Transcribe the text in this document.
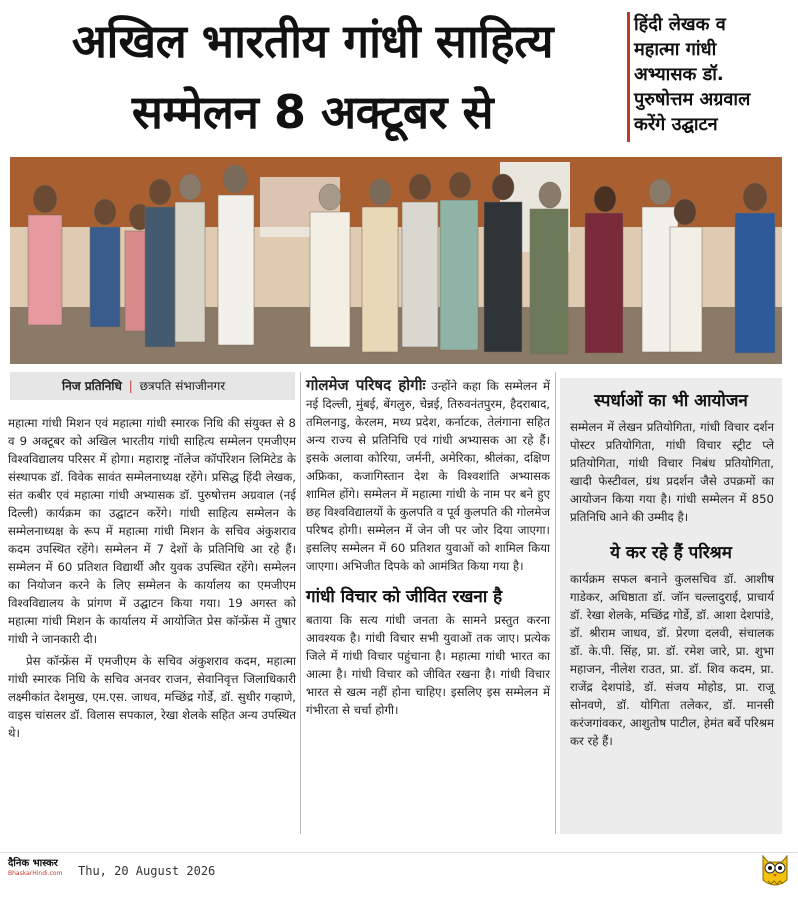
अखिल भारतीय गांधी साहित्य
सम्मेलन 8 अक्टूबर से
हिंदी लेखक व
महात्मा गांधी
अभ्यासक डॉ.
पुरुषोत्तम अग्रवाल
करेंगे उद्घाटन
निज प्रतिनिधि | छत्रपति संभाजीनगर

महात्मा गांधी मिशन एवं महात्मा गांधी स्मारक निधि की संयुक्त से 8 व 9 अक्टूबर को अखिल भारतीय गांधी साहित्य सम्मेलन एमजीएम विश्वविद्यालय परिसर में होगा। महाराष्ट्र नॉलेज कॉर्पोरेशन लिमिटेड के संस्थापक डॉ. विवेक सावंत सम्मेलनाध्यक्ष रहेंगे। प्रसिद्ध हिंदी लेखक, संत कबीर एवं महात्मा गांधी अभ्यासक डॉ. पुरुषोत्तम अग्रवाल (नई दिल्ली) कार्यक्रम का उद्घाटन करेंगे। गांधी साहित्य सम्मेलन के सम्मेलनाध्यक्ष के रूप में महात्मा गांधी मिशन के सचिव अंकुशराव कदम उपस्थित रहेंगे। सम्मेलन में 7 देशों के प्रतिनिधि आ रहे हैं। सम्मेलन में 60 प्रतिशत विद्यार्थी और युवक उपस्थित रहेंगे। सम्मेलन का नियोजन करने के लिए सम्मेलन के कार्यालय का एमजीएम विश्वविद्यालय के प्रांगण में उद्घाटन किया गया। 19 अगस्त को महात्मा गांधी मिशन के कार्यालय में आयोजित प्रेस कॉन्फ्रेंस में तुषार गांधी ने जानकारी दी।

प्रेस कॉन्फ्रेंस में एमजीएम के सचिव अंकुशराव कदम, महात्मा गांधी स्मारक निधि के सचिव अनवर राजन, सेवानिवृत्त जिलाधिकारी लक्ष्मीकांत देशमुख, एम.एस. जाधव, मच्छिंद्र गोर्डे, डॉ. सुधीर गव्हाणे, वाइस चांसलर डॉ. विलास सपकाल, रेखा शेलके सहित अन्य उपस्थित थे।

गोलमेज परिषद होगीः उन्होंने कहा कि सम्मेलन में नई दिल्ली, मुंबई, बेंगलुरु, चेन्नई, तिरुवनंतपुरम, हैदराबाद, तमिलनाडु, केरलम, मध्य प्रदेश, कर्नाटक, तेलंगाना सहित अन्य राज्य से प्रतिनिधि एवं गांधी अभ्यासक आ रहे हैं। इसके अलावा कोरिया, जर्मनी, अमेरिका, श्रीलंका, दक्षिण अफ्रिका, कजागिस्तान देश के विश्वशांति अभ्यासक शामिल होंगे। सम्मेलन में महात्मा गांधी के नाम पर बने हुए छह विश्वविद्यालयों के कुलपति व पूर्व कुलपति की गोलमेज परिषद होगी। सम्मेलन में जेन जी पर जोर दिया जाएगा। इसलिए सम्मेलन में 60 प्रतिशत युवाओं को शामिल किया जाएगा। अभिजीत दिपके को आमंत्रित किया गया है।

गांधी विचार को जीवित रखना है

बताया कि सत्य गांधी जनता के सामने प्रस्तुत करना आवश्यक है। गांधी विचार सभी युवाओं तक जाए। प्रत्येक जिले में गांधी विचार पहुंचाना है। महात्मा गांधी भारत का आत्मा है। गांधी विचार को जीवित रखना है। गांधी विचार भारत से खत्म नहीं होना चाहिए। इसलिए इस सम्मेलन में गंभीरता से चर्चा होगी।

स्पर्धाओं का भी आयोजन

सम्मेलन में लेखन प्रतियोगिता, गांधी विचार दर्शन पोस्टर प्रतियोगिता, गांधी विचार स्ट्रीट प्ले प्रतियोगिता, गांधी विचार निबंध प्रतियोगिता, खादी फेस्टीवल, ग्रंथ प्रदर्शन जैसे उपक्रमों का आयोजन किया गया है। गांधी सम्मेलन में 850 प्रतिनिधि आने की उम्मीद है।

ये कर रहे हैं परिश्रम

कार्यक्रम सफल बनाने कुलसचिव डॉ. आशीष गाडेकर, अधिष्ठाता डॉ. जॉन चल्लादुराई, प्राचार्य डॉ. रेखा शेलके, मच्छिंद्र गोर्डे, डॉ. आशा देशपांडे, डॉ. श्रीराम जाधव, डॉ. प्रेरणा दलवी, संचालक डॉ. के.पी. सिंह, प्रा. डॉ. रमेश जारे, प्रा. शुभा महाजन, नीलेश राउत, प्रा. डॉ. शिव कदम, प्रा. राजेंद्र देशपांडे, डॉ. संजय मोहोड, प्रा. राजू सोनवणे, डॉ. योगिता तलेकर, डॉ. मानसी करंजगांवकर, आशुतोष पाटील, हेमंत बर्वे परिश्रम कर रहे हैं।

दैनिक भास्कर
BhaskarHindi.com	Thu, 20 August 2026
